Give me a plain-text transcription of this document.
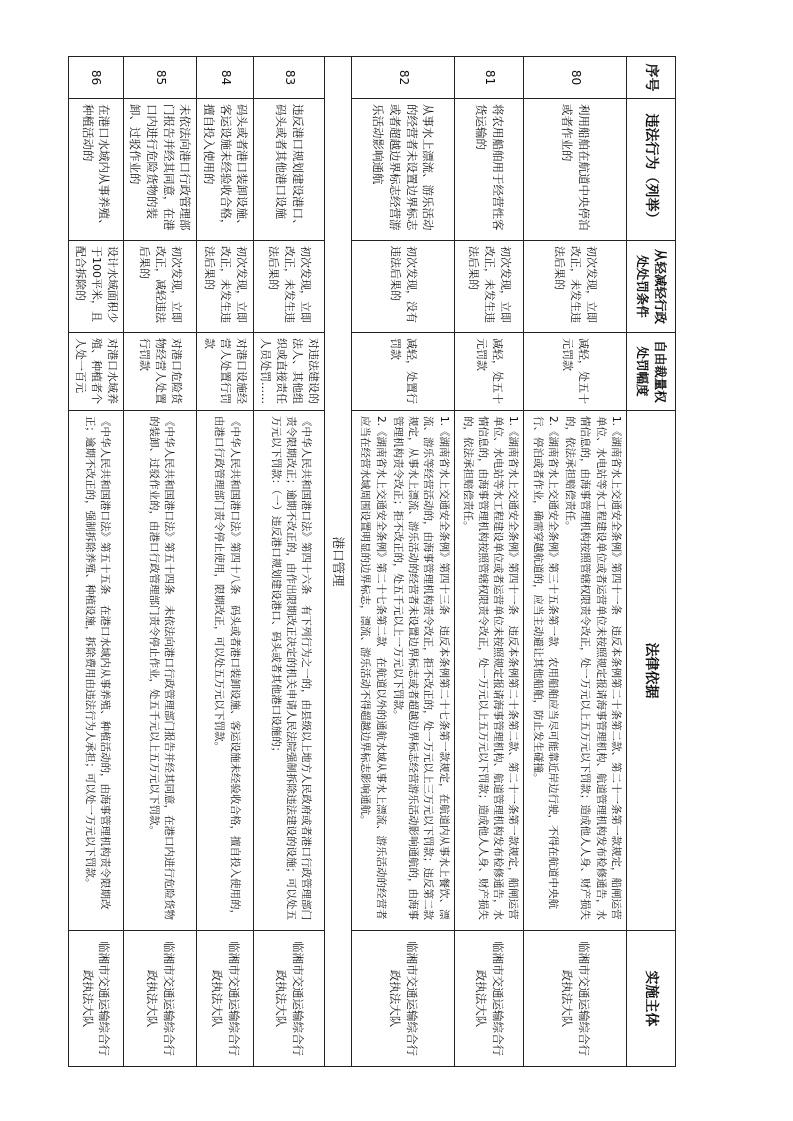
序号	违法行为（列举）	从轻减轻行政处处罚条件	自由裁量权处罚幅度	法律依据	实施主体
80	利用船舶在航道中央停泊或者作业的	初次发现，立即改正，未发生违法后果的	减轻，处五十元罚款	1.《湖南省水上交通安全条例》第四十一条　违反本条例第二十条第二款、第二十一条第一款规定，船闸运营单位、水电站等水工程建设单位或者运营单位未按照规定报请海事管理机构、航道管理机构发布检修通告，水情信息的，由海事管理机构按照管辖权限责令改正，处一万元以上五万元以下罚款；造成他人人身、财产损失的，依法承担赔偿责任。
2.《湖南省水上交通安全条例》第三十五条第一款　农用船舶应当尽可能靠近岸边行驶，不得在航道中央航行、停泊或者作业，确需穿越航道的，应当主动避让其他船舶，防止发生碰撞。	临湘市交通运输综合行政执法大队
81	将农用船舶用于经营性客货运输的	初次发现，立即改正，未发生违法后果的	减轻，处五十元罚款	1.《湖南省水上交通安全条例》第四十一条　违反本条例第二十条第二款、第二十一条第一款规定，船闸运营单位、水电站等水工程建设单位或者运营单位未按照规定报请海事管理机构、航道管理机构发布检修通告，水情信息的，由海事管理机构按照管辖权限责令改正，处一万元以上五万元以下罚款；造成他人人身、财产损失的，依法承担赔偿责任。	临湘市交通运输综合行政执法大队
82	从事水上漂流、游乐活动的经营者未设置边界标志或者超越边界标志经营游乐活动影响通航	初次发现，没有违法后果的	减轻，处置行罚款	1.《湖南省水上交通安全条例》第四十三条　违反本条例第二十七条第一款规定，在航道内从事水上餐饮、漂流、游乐等经营活动的，由海事管理机构责令改正，拒不改正的，处一万元以上三万元以下罚款；违反第二款规定，从事水上漂流、游乐活动的经营者未设置边界标志或者超越边界标志经营游乐活动影响通航的，由海事管理机构责令改正；拒不改正的，处五千元以上一万元以下罚款。
2.《湖南省水上交通安全条例》第二十七条第二款　在航道以外的通航水域从事水上漂流、游乐活动的经营者应当在经营水域周围设置明显的边界标志，漂流、游乐活动不得超越边界标志影响通航。	临湘市交通运输综合行政执法大队
港口管理					
83	违反港口规划建设港口、码头或者其他港口设施	初次发现，立即改正，未发生违法后果的	对违法建设的法人、其他组织或直接责任人员处罚……	《中华人民共和国港口法》第四十六条　有下列行为之一的，由县级以上地方人民政府或者港口行政管理部门责令限期改正；逾期不改正的，由作出限期改正决定的机关申请人民法院强制拆除违法建设的设施；可以处五万元以下罚款：（一）违反港口规划建设港口、码头或者其他港口设施的；	临湘市交通运输综合行政执法大队
84	码头或者港口装卸设施、客运设施未经验收合格，擅自投入使用的	初次发现，立即改正，未发生违法后果的	对港口设施经营人处置行罚款	《中华人民共和国港口法》第四十八条　码头或者港口装卸设施、客运设施未经验收合格，擅自投入使用的，由港口行政管理部门责令停止使用，限期改正，可以处五万元以下罚款。	临湘市交通运输综合行政执法大队
85	未依法向港口行政管理部门报告并经其同意，在港口内进行危险货物的装卸、过驳作业的	初次发现，立即改正，减轻违法后果的	对港口危险货物经营人处置行罚款	《中华人民共和国港口法》第五十四条　未依法向港口行政管理部门报告并经其同意，在港口内进行危险货物的装卸、过驳作业的，由港口行政管理部门责令停止作业，处五千元以上五万元以下罚款。	临湘市交通运输综合行政执法大队
86	在港口水域内从事养殖、种植活动的	设计水域面积少于100平米，且配合拆除的	对港口水域养殖、种植者个人处一百元	《中华人民共和国港口法》第五十五条　在港口水域内从事养殖、种植活动的，由海事管理机构责令限期改正；逾期不改正的，强制拆除养殖、种植设施，拆除费用由违法行为人承担；可以处一万元以下罚款。	临湘市交通运输综合行政执法大队
